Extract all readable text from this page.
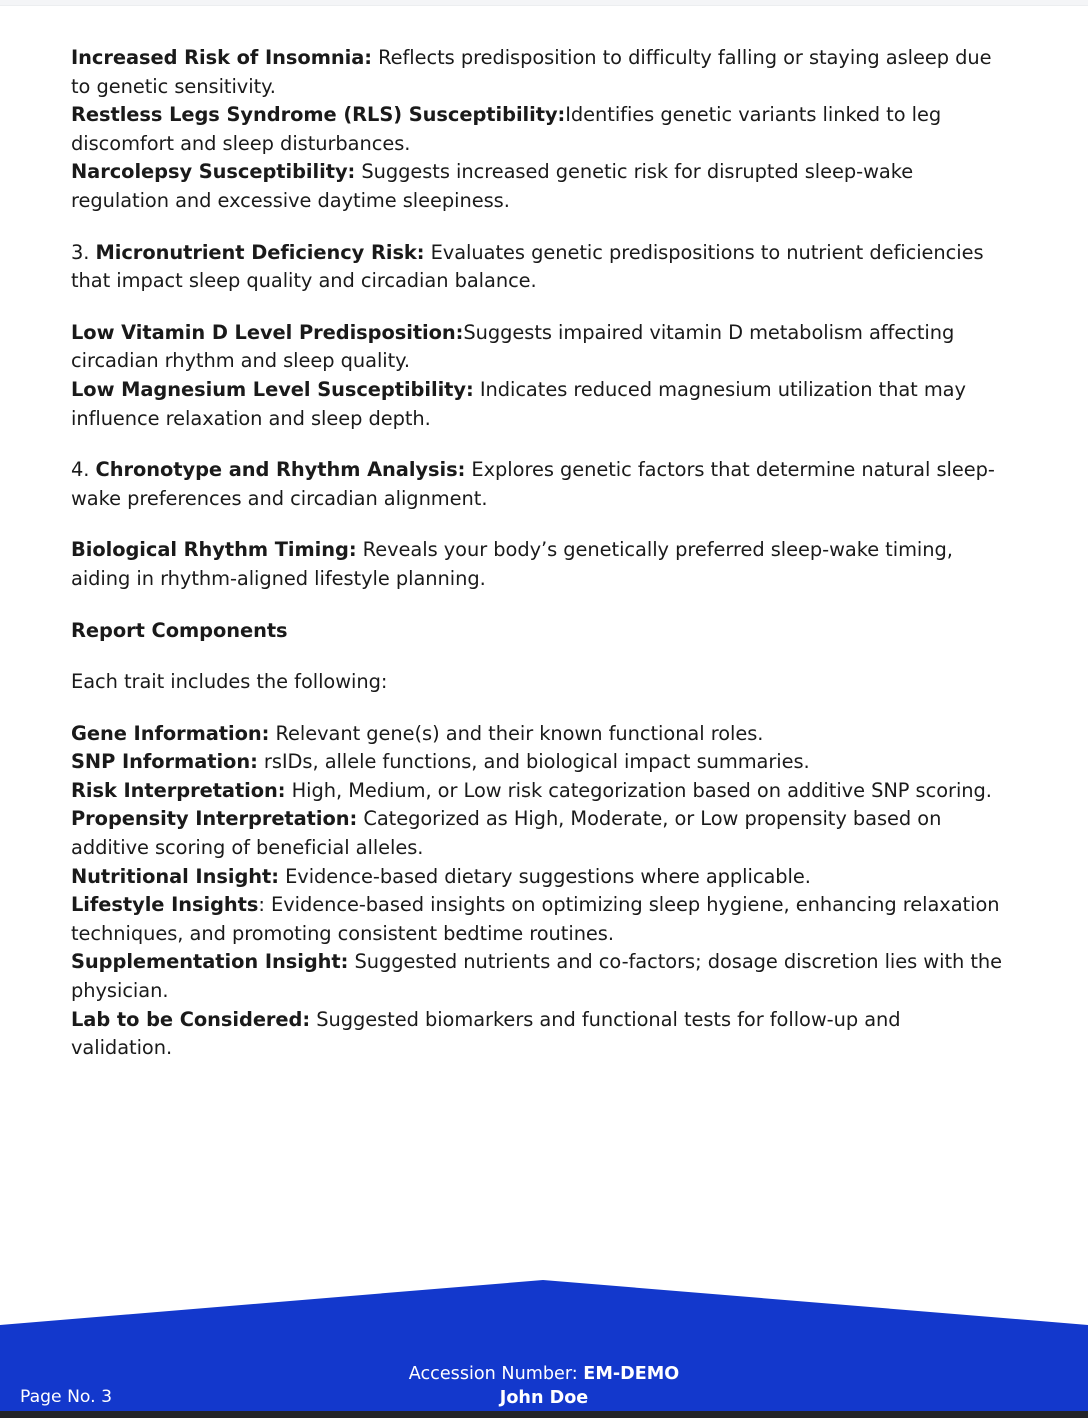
Increased Risk of Insomnia: Reflects predisposition to difficulty falling or staying asleep due to genetic sensitivity.

Restless Legs Syndrome (RLS) Susceptibility:Identifies genetic variants linked to leg discomfort and sleep disturbances.

Narcolepsy Susceptibility: Suggests increased genetic risk for disrupted sleep-wake regulation and excessive daytime sleepiness.

3. Micronutrient Deficiency Risk: Evaluates genetic predispositions to nutrient deficiencies that impact sleep quality and circadian balance.

Low Vitamin D Level Predisposition:Suggests impaired vitamin D metabolism affecting circadian rhythm and sleep quality.

Low Magnesium Level Susceptibility: Indicates reduced magnesium utilization that may influence relaxation and sleep depth.

4. Chronotype and Rhythm Analysis: Explores genetic factors that determine natural sleep-wake preferences and circadian alignment.

Biological Rhythm Timing: Reveals your body’s genetically preferred sleep-wake timing, aiding in rhythm-aligned lifestyle planning.

Report Components

Each trait includes the following:

Gene Information: Relevant gene(s) and their known functional roles.

SNP Information: rsIDs, allele functions, and biological impact summaries.

Risk Interpretation: High, Medium, or Low risk categorization based on additive SNP scoring.

Propensity Interpretation: Categorized as High, Moderate, or Low propensity based on additive scoring of beneficial alleles.

Nutritional Insight: Evidence-based dietary suggestions where applicable.

Lifestyle Insights: Evidence-based insights on optimizing sleep hygiene, enhancing relaxation techniques, and promoting consistent bedtime routines.

Supplementation Insight: Suggested nutrients and co-factors; dosage discretion lies with the physician.

Lab to be Considered: Suggested biomarkers and functional tests for follow-up and validation.

Accession Number: EM-DEMO
John Doe
Page No. 3
